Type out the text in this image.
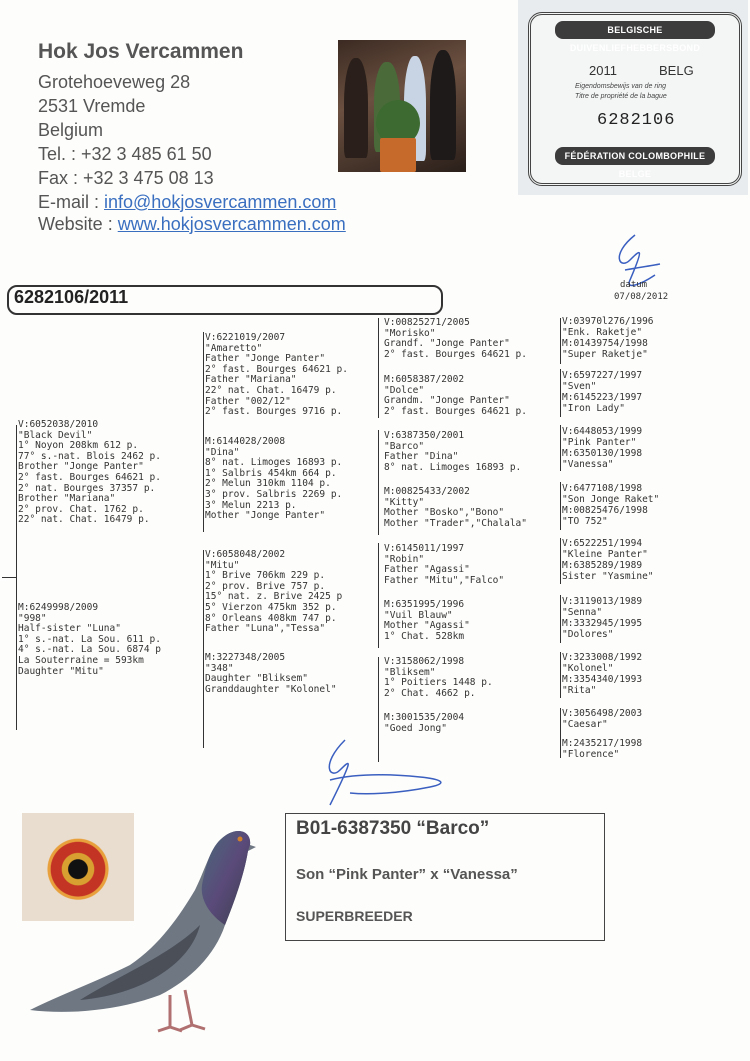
Hok Jos Vercammen
Grotehoeveweg 28
2531 Vremde
Belgium
Tel. : +32 3 485 61 50
Fax : +32 3 475 08 13
E-mail : info@hokjosvercammen.com
Website : www.hokjosvercammen.com
BELGISCHE DUIVENLIEFHEBBERSBOND
2011	BELG
Eigendomsbewijs van de ring
Titre de propriété de la bague
6282106
FÉDÉRATION COLOMBOPHILE BELGE
6282106/2011
datum
07/08/2012
V:6052038/2010
"Black Devil"
1° Noyon 208km 612 p.
77° s.-nat. Blois 2462 p.
Brother "Jonge Panter"
2° fast. Bourges 64621 p.
2° nat. Bourges 37357 p.
Brother "Mariana"
2° prov. Chat. 1762 p.
22° nat. Chat. 16479 p.
M:6249998/2009
"998"
Half-sister "Luna"
1° s.-nat. La Sou. 611 p.
4° s.-nat. La Sou. 6874 p
La Souterraine = 593km
Daughter "Mitu"
V:6221019/2007
"Amaretto"
Father "Jonge Panter"
2° fast. Bourges 64621 p.
Father "Mariana"
22° nat. Chat. 16479 p.
Father "002/12"
2° fast. Bourges 9716 p.
M:6144028/2008
"Dina"
8° nat. Limoges 16893 p.
1° Salbris 454km 664 p.
2° Melun 310km 1104 p.
3° prov. Salbris 2269 p.
3° Melun 2213 p.
Mother "Jonge Panter"
V:6058048/2002
"Mitu"
1° Brive 706km 229 p.
2° prov. Brive 757 p.
15° nat. z. Brive 2425 p
5° Vierzon 475km 352 p.
8° Orleans 408km 747 p.
Father "Luna","Tessa"
M:3227348/2005
"348"
Daughter "Bliksem"
Granddaughter "Kolonel"
V:00825271/2005
"Morisko"
Grandf. "Jonge Panter"
2° fast. Bourges 64621 p.
M:6058387/2002
"Dolce"
Grandm. "Jonge Panter"
2° fast. Bourges 64621 p.
V:6387350/2001
"Barco"
Father "Dina"
8° nat. Limoges 16893 p.
M:00825433/2002
"Kitty"
Mother "Bosko","Bono"
Mother "Trader","Chalala"
V:6145011/1997
"Robin"
Father "Agassi"
Father "Mitu","Falco"
M:6351995/1996
"Vuil Blauw"
Mother "Agassi"
1° Chat. 528km
V:3158062/1998
"Bliksem"
1° Poitiers 1448 p.
2° Chat. 4662 p.
M:3001535/2004
"Goed Jong"
V:03970l276/1996
"Enk. Raketje"
M:01439754/1998
"Super Raketje"
V:6597227/1997
"Sven"
M:6145223/1997
"Iron Lady"
V:6448053/1999
"Pink Panter"
M:6350130/1998
"Vanessa"
V:6477108/1998
"Son Jonge Raket"
M:00825476/1998
"TO 752"
V:6522251/1994
"Kleine Panter"
M:6385289/1989
Sister "Yasmine"
V:3119013/1989
"Senna"
M:3332945/1995
"Dolores"
V:3233008/1992
"Kolonel"
M:3354340/1993
"Rita"
V:3056498/2003
"Caesar"
M:2435217/1998
"Florence"
B01-6387350 “Barco”
Son “Pink Panter” x “Vanessa”
SUPERBREEDER
